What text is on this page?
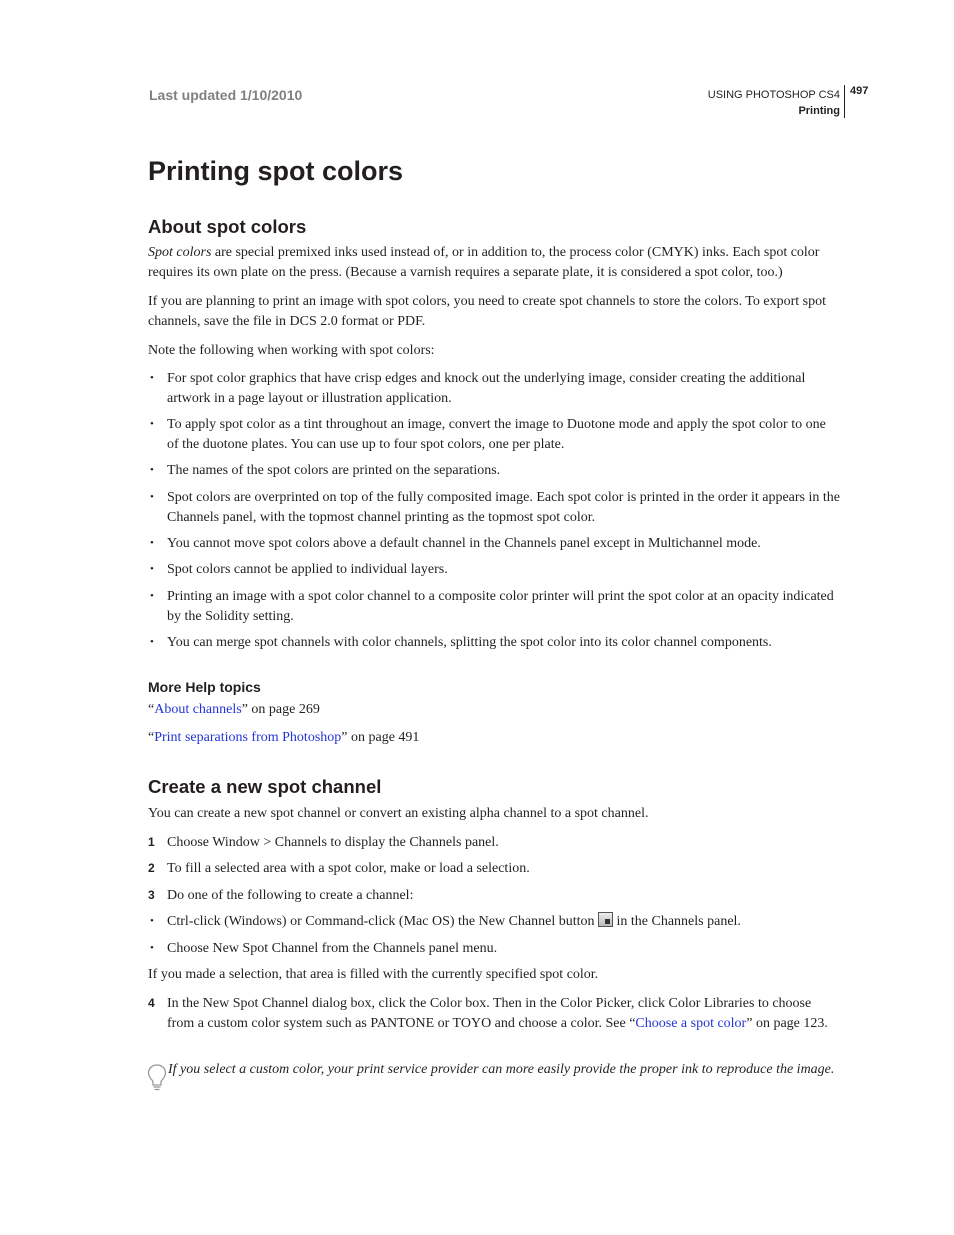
Last updated 1/10/2010	USING PHOTOSHOP CS4
Printing
497
Printing spot colors
About spot colors

Spot colors are special premixed inks used instead of, or in addition to, the process color (CMYK) inks. Each spot color requires its own plate on the press. (Because a varnish requires a separate plate, it is considered a spot color, too.)

If you are planning to print an image with spot colors, you need to create spot channels to store the colors. To export spot channels, save the file in DCS 2.0 format or PDF.

Note the following when working with spot colors:

• For spot color graphics that have crisp edges and knock out the underlying image, consider creating the additional artwork in a page layout or illustration application.

• To apply spot color as a tint throughout an image, convert the image to Duotone mode and apply the spot color to one of the duotone plates. You can use up to four spot colors, one per plate.

• The names of the spot colors are printed on the separations.

• Spot colors are overprinted on top of the fully composited image. Each spot color is printed in the order it appears in the Channels panel, with the topmost channel printing as the topmost spot color.

• You cannot move spot colors above a default channel in the Channels panel except in Multichannel mode.

• Spot colors cannot be applied to individual layers.

• Printing an image with a spot color channel to a composite color printer will print the spot color at an opacity indicated by the Solidity setting.

• You can merge spot channels with color channels, splitting the spot color into its color channel components.

More Help topics

“About channels” on page 269

“Print separations from Photoshop” on page 491

Create a new spot channel

You can create a new spot channel or convert an existing alpha channel to a spot channel.

1 Choose Window > Channels to display the Channels panel.

2 To fill a selected area with a spot color, make or load a selection.

3 Do one of the following to create a channel:

• Ctrl-click (Windows) or Command-click (Mac OS) the New Channel button in the Channels panel.

• Choose New Spot Channel from the Channels panel menu.

If you made a selection, that area is filled with the currently specified spot color.

4 In the New Spot Channel dialog box, click the Color box. Then in the Color Picker, click Color Libraries to choose from a custom color system such as PANTONE or TOYO and choose a color. See “Choose a spot color” on page 123.

If you select a custom color, your print service provider can more easily provide the proper ink to reproduce the image.
